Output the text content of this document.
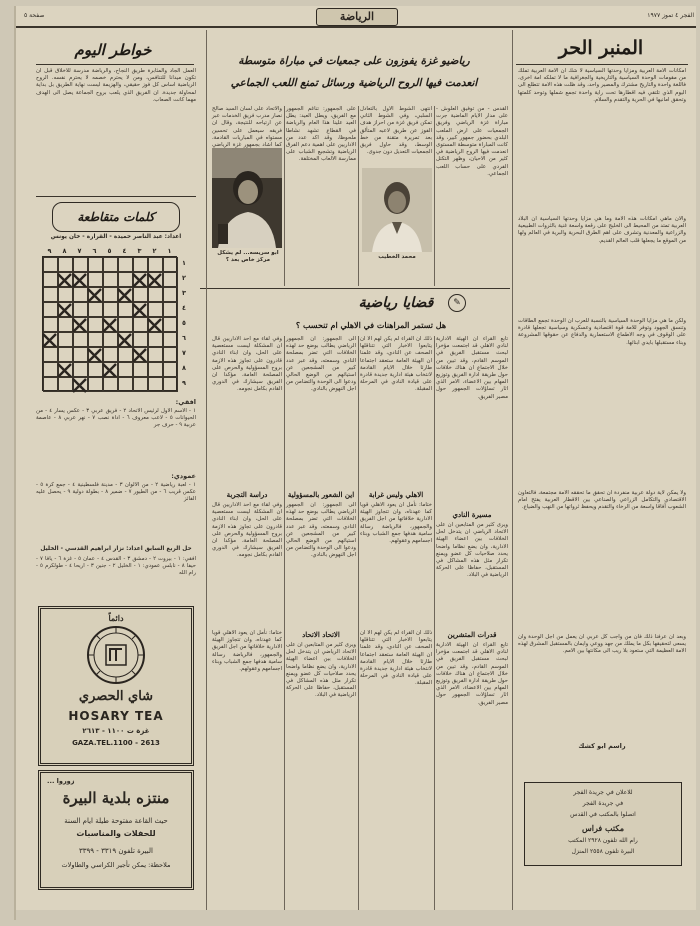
صفحة ٥	الفجر ٤ تموز ١٩٧٧
الرياضة
المنبر الحر
امكانات الامة العربية ومزايا وحدتها السياسية لا شك ان الامة العربية تملك من مقومات الوحدة السياسية والتاريخية والجغرافية ما لا تملكه امة اخرى، فاللغة واحدة والتاريخ مشترك والمصير واحد، وقد ظلت هذه الامة تتطلع الى اليوم الذي تلتقي فيه اقطارها تحت راية واحدة تجمع شملها وتوحد كلمتها وتحقق امانيها في الحرية والتقدم والسلام.
والان ماهي امكانات هذه الامة وما هي مزايا وحدتها السياسية ان البلاد العربية تمتد من المحيط الى الخليج على رقعة واسعة غنية بالثروات الطبيعية والزراعية والمعدنية وتشرف على اهم الطرق البحرية والبرية في العالم ولها من الموقع ما يجعلها قلب العالم القديم.
ولكن ما هي مزايا الوحدة السياسية بالنسبة للعرب ان الوحدة تجمع الطاقات وتنسق الجهود وتوفر للامة قوة اقتصادية وعسكرية وسياسية تجعلها قادرة على الوقوف في وجه الاطماع الاستعمارية والدفاع عن حقوقها المشروعة وبناء مستقبلها بايدي ابنائها.
ولا يمكن لاية دولة عربية منفردة ان تحقق ما تحققه الامة مجتمعة، فالتعاون الاقتصادي والتكامل الزراعي والصناعي بين الاقطار العربية يفتح امام الشعوب آفاقا واسعة من الرخاء والتقدم ويحفظ ثرواتها من النهب والضياع.
وبعد ان عرفنا ذلك فان من واجب كل عربي ان يعمل من اجل الوحدة وان يسعى لتحقيقها بكل ما يملك من جهد ووعي وايمان بالمستقبل المشرق لهذه الامة العظيمة التي ستعود بلا ريب الى مكانتها بين الامم.
راسم ابو كشك
للاعلان في جريدة الفجر
في جريدة الفجر
اتصلوا بالمكتب في القدس
مكتب فراس
رام الله تلفون ٢٩٢٨ المكتب
البيرة تلفون ٢٥٥٨ المنزل
رياضيو غزة يفوزون على جمعيات في مباراة متوسطة
انعدمت فيها الروح الرياضية ورسائل تمنع اللعب الجماعي
القدس - من توفيق العلوش - على مدار الايام الماضية جرت مباراة غزة الرياضي وفريق الجمعيات على ارض الملعب البلدي بحضور جمهور كبير، وقد كانت المباراة متوسطة المستوى انعدمت فيها الروح الرياضية في كثير من الاحيان، وظهر التكتل الفردي على حساب اللعب الجماعي.
انتهى الشوط الاول بالتعادل السلبي، وفي الشوط الثاني تمكن فريق غزة من احراز هدف الفوز عن طريق لاعبه المتألق بعد تمريرة متقنة من خط الوسط، وقد حاول فريق الجمعيات التعديل دون جدوى.
على الجمهور: تناغم الجمهور مع الفريق، ويطل العيد: يطل العيد علينا هذا العام والرياضة في القطاع تشهد نشاطا ملحوظا، وقد اكد عدد من الاداريين على اهمية دعم الفرق الرياضية وتشجيع الشباب على ممارسة الالعاب المختلفة.
والاتحاد على لسان السيد صالح نصار مدرب فريق الخدمات عبر عن ارتياحه للنتيجة، وقال ان فريقه سيعمل على تحسين مستواه في المباريات القادمة، كما اشاد بجمهور غزة الرياضي
محمد الخطيب
ابو سريسه... لم يشكل مركز خاص بعد ؟
قضايا رياضية	✎
هل تستمر المراهنات في الاهلي ام تنحسب ؟
تابع القراء ان الهيئة الادارية لنادي الاهلي قد اجتمعت مؤخرا لبحث مستقبل الفريق في الموسم القادم، وقد تبين من خلال الاجتماع ان هناك خلافات حول طريقة ادارة الفريق وتوزيع المهام بين الاعضاء، الامر الذي اثار تساؤلات الجمهور حول مصير الفريق.
ذلك ان القراء لم يكن لهم الا ان يتابعوا الاخبار التي تتناقلها الصحف عن النادي، وقد علمنا ان الهيئة العامة ستعقد اجتماعا طارئا خلال الايام القادمة لانتخاب هيئة ادارية جديدة قادرة على قيادة النادي في المرحلة المقبلة.
الى الجمهور: ان الجمهور الرياضي يطالب بوضع حد لهذه الخلافات التي تضر بمصلحة النادي وسمعته، وقد عبر عدد كبير من المشجعين عن استيائهم من الوضع الحالي ودعوا الى الوحدة والتضامن من اجل النهوض بالنادي.
وفي لقاء مع احد الاداريين قال ان المشكلة ليست مستعصية على الحل، وان ابناء النادي قادرون على تجاوز هذه الازمة بروح المسؤولية والحرص على المصلحة العامة، مؤكدا ان الفريق سيشارك في الدوري القادم بكامل نجومه.
مسيرة النادي
ويرى كثير من المتابعين ان على الاتحاد الرياضي ان يتدخل لحل الخلافات بين اعضاء الهيئة الادارية، وان يضع نظاما واضحا يحدد صلاحيات كل عضو ويمنع تكرار مثل هذه المشاكل في المستقبل، حفاظا على الحركة الرياضية في البلاد.
الاهلي وليس غرابة
ختاما: نأمل ان يعود الاهلي قويا كما عهدناه، وان تتجاوز الهيئة الادارية خلافاتها من اجل الفريق والجمهور، فالرياضة رسالة سامية هدفها جمع الشباب وبناء اجسامهم وعقولهم.
اين الشعور بالمسؤولية
الى الجمهور: ان الجمهور الرياضي يطالب بوضع حد لهذه الخلافات التي تضر بمصلحة النادي وسمعته، وقد عبر عدد كبير من المشجعين عن استيائهم من الوضع الحالي ودعوا الى الوحدة والتضامن من اجل النهوض بالنادي.
دراسة التجربة
وفي لقاء مع احد الاداريين قال ان المشكلة ليست مستعصية على الحل، وان ابناء النادي قادرون على تجاوز هذه الازمة بروح المسؤولية والحرص على المصلحة العامة، مؤكدا ان الفريق سيشارك في الدوري القادم بكامل نجومه.
قدرات المتشرين
تابع القراء ان الهيئة الادارية لنادي الاهلي قد اجتمعت مؤخرا لبحث مستقبل الفريق في الموسم القادم، وقد تبين من خلال الاجتماع ان هناك خلافات حول طريقة ادارة الفريق وتوزيع المهام بين الاعضاء، الامر الذي اثار تساؤلات الجمهور حول مصير الفريق.
ذلك ان القراء لم يكن لهم الا ان يتابعوا الاخبار التي تتناقلها الصحف عن النادي، وقد علمنا ان الهيئة العامة ستعقد اجتماعا طارئا خلال الايام القادمة لانتخاب هيئة ادارية جديدة قادرة على قيادة النادي في المرحلة المقبلة.
الاتحاد الاتحاد
ويرى كثير من المتابعين ان على الاتحاد الرياضي ان يتدخل لحل الخلافات بين اعضاء الهيئة الادارية، وان يضع نظاما واضحا يحدد صلاحيات كل عضو ويمنع تكرار مثل هذه المشاكل في المستقبل، حفاظا على الحركة الرياضية في البلاد.
ختاما: نأمل ان يعود الاهلي قويا كما عهدناه، وان تتجاوز الهيئة الادارية خلافاتها من اجل الفريق والجمهور، فالرياضة رسالة سامية هدفها جمع الشباب وبناء اجسامهم وعقولهم.
خواطر اليوم
العمل الجاد والمثابرة طريق النجاح، والرياضة مدرسة للاخلاق قبل ان تكون ميدانا للتنافس، ومن لا يحترم خصمه لا يحترم نفسه. الروح الرياضية اساس كل فوز حقيقي، والهزيمة ليست نهاية الطريق بل بداية لمحاولة جديدة. ان الفريق الذي يلعب بروح الجماعة يصل الى الهدف مهما كانت الصعاب.
كلمات متقاطعة
اعداد: عبد الناصر حميدة - القرارة - خان يونس
١
٢
٣
٤
٥
٦
٧
٨
٩
١
٢
٣
٤
٥
٦
٧
٨
٩
افقي:
١ - الاسم الاول لرئيس الاتحاد ٢ - فريق عربي ٣ - عكس يسار ٤ - من الحيوانات ٥ - لاعب معروف ٦ - اداة نصب ٧ - نهر عربي ٨ - عاصمة عربية ٩ - حرف جر
عمودي:
١ - لعبة رياضية ٢ - من الالوان ٣ - مدينة فلسطينية ٤ - جمع كرة ٥ - عكس قريب ٦ - من الطيور ٧ - ضمير ٨ - بطولة دولية ٩ - يحصل عليه الفائز
حل الربع السابق اعداد: نزار ابراهيم القدسي - الخليل
افقي: ١ - بيروت ٢ - دمشق ٣ - القدس ٤ - عمان ٥ - غزة ٦ - يافا ٧ - حيفا ٨ - نابلس عمودي: ١ - الخليل ٢ - جنين ٣ - اريحا ٤ - طولكرم ٥ - رام الله
دائماً
شاي الحصري
HOSARY TEA
غزة ت ١١٠٠ - ٢٦١٣
GAZA.TEL.1100 - 2613
زوروا ...
منتزه بلدية البيرة
حيث القاعة مفتوحة طيلة ايام السنة
للحفلات والمناسبات
البيرة تلفون ٣٣١٩ - ٣٣٩٩
ملاحظة: يمكن تأجير الكراسي والطاولات
